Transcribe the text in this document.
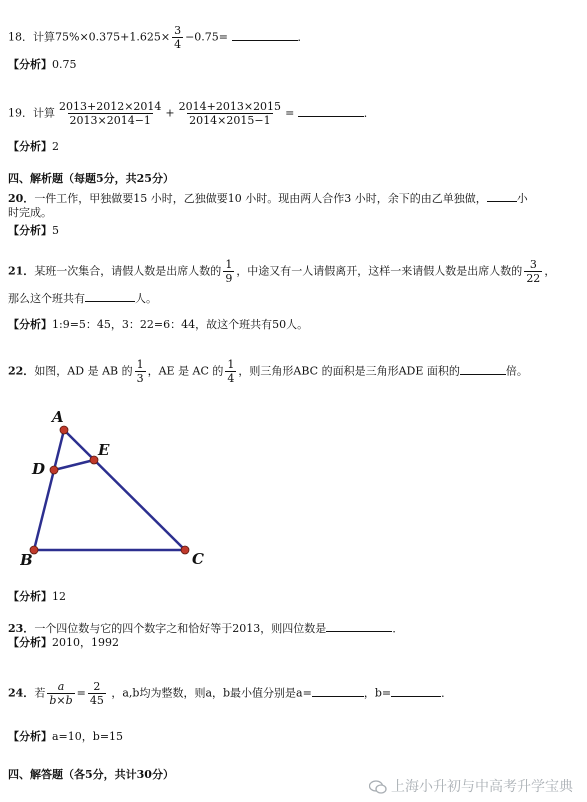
18．计算$75\%\times 0.375+1.625\times \frac{3}{4} -0.75=$	．
【分析】0.75
19．计算 $\frac{2013+2012\times 2014}{2013\times 2014-1} + \frac{2014+2013\times 2015}{2014\times 2015-1}$ =	．
【分析】2
四、解析题（每题5分，共25分）
20．一件工作，甲独做要15 小时，乙独做要10 小时。现由两人合作3 小时，余下的由乙单独做，	小
时完成。
【分析】5
21．某班一次集合，请假人数是出席人数的 $\frac{1}{9}$ ，中途又有一人请假离开，这样一来请假人数是出席人数的 $\frac{3}{22}$ ，
那么这个班共有	人。
【分析】1:9=5：45，3：22=6：44，故这个班共有50人。
22．如图，AD 是 AB 的 $\frac{1}{3}$ ，AE 是 AC 的 $\frac{1}{4}$ ，则三角形ABC 的面积是三角形ADE 面积的	倍。
A
B	C
D
E
【分析】12
23．一个四位数与它的四个数字之和恰好等于2013，则四位数是	．
【分析】2010，1992
24．若 $\frac{a}{b\times b} = \frac{2}{45}$ ，a,b均为整数，则a，b最小值分别是a=	，b=	．
【分析】a=10，b=15
四、解答题（各5分，共计30分）
上海小升初与中高考升学宝典
